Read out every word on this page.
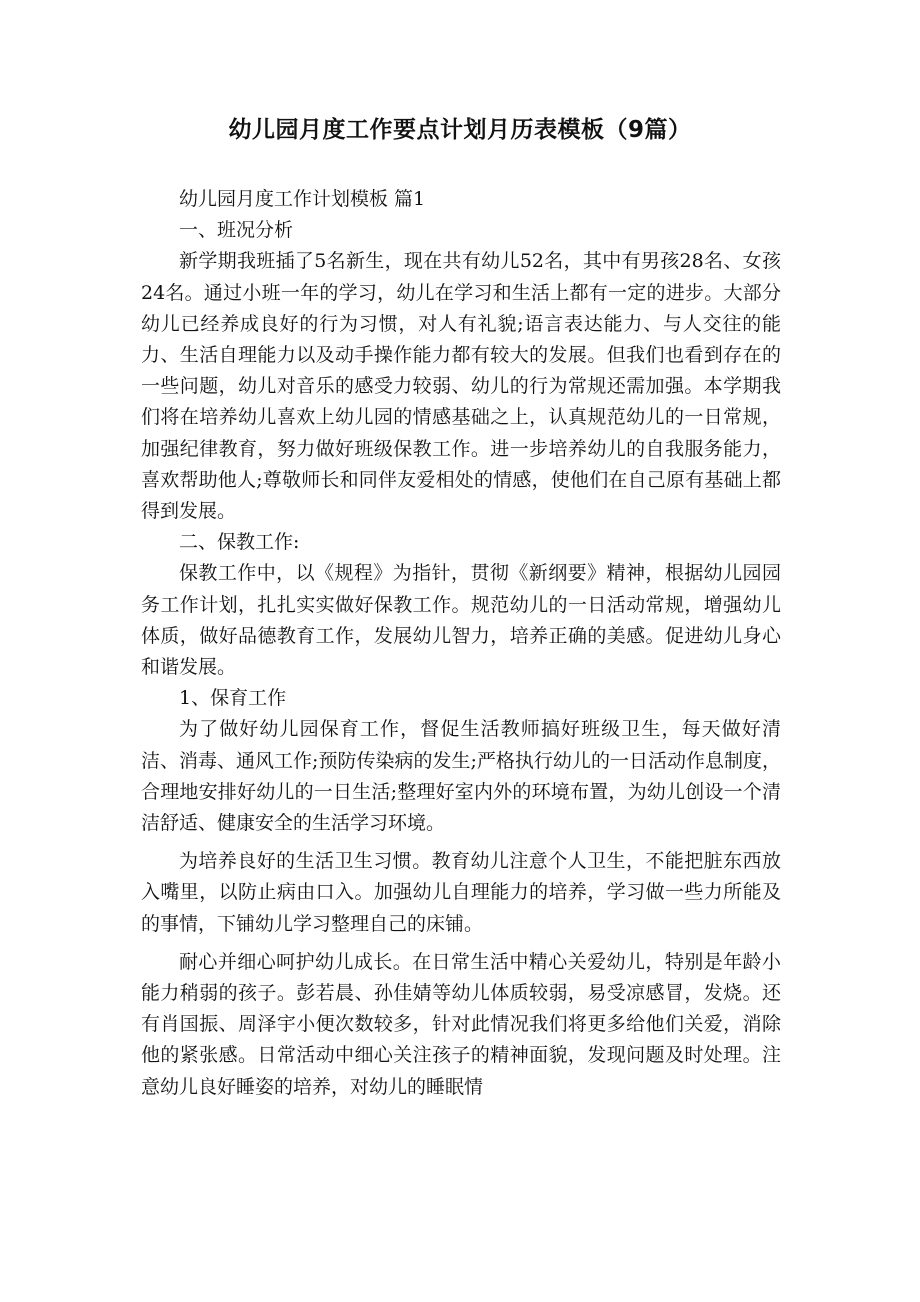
幼儿园月度工作要点计划月历表模板（9篇）

幼儿园月度工作计划模板 篇1

一、班况分析

新学期我班插了5名新生，现在共有幼儿52名，其中有男孩28名、女孩24名。通过小班一年的学习，幼儿在学习和生活上都有一定的进步。大部分幼儿已经养成良好的行为习惯，对人有礼貌;语言表达能力、与人交往的能力、生活自理能力以及动手操作能力都有较大的发展。但我们也看到存在的一些问题，幼儿对音乐的感受力较弱、幼儿的行为常规还需加强。本学期我们将在培养幼儿喜欢上幼儿园的情感基础之上，认真规范幼儿的一日常规，加强纪律教育，努力做好班级保教工作。进一步培养幼儿的自我服务能力，喜欢帮助他人;尊敬师长和同伴友爱相处的情感，使他们在自己原有基础上都得到发展。

二、保教工作:

保教工作中，以《规程》为指针，贯彻《新纲要》精神，根据幼儿园园务工作计划，扎扎实实做好保教工作。规范幼儿的一日活动常规，增强幼儿体质，做好品德教育工作，发展幼儿智力，培养正确的美感。促进幼儿身心和谐发展。

1、保育工作

为了做好幼儿园保育工作，督促生活教师搞好班级卫生，每天做好清洁、消毒、通风工作;预防传染病的发生;严格执行幼儿的一日活动作息制度，合理地安排好幼儿的一日生活;整理好室内外的环境布置，为幼儿创设一个清洁舒适、健康安全的生活学习环境。

为培养良好的生活卫生习惯。教育幼儿注意个人卫生，不能把脏东西放入嘴里，以防止病由口入。加强幼儿自理能力的培养，学习做一些力所能及的事情，下铺幼儿学习整理自己的床铺。

耐心并细心呵护幼儿成长。在日常生活中精心关爱幼儿，特别是年龄小能力稍弱的孩子。彭若晨、孙佳婧等幼儿体质较弱，易受凉感冒，发烧。还有肖国振、周泽宇小便次数较多，针对此情况我们将更多给他们关爱，消除他的紧张感。日常活动中细心关注孩子的精神面貌，发现问题及时处理。注意幼儿良好睡姿的培养，对幼儿的睡眠情
